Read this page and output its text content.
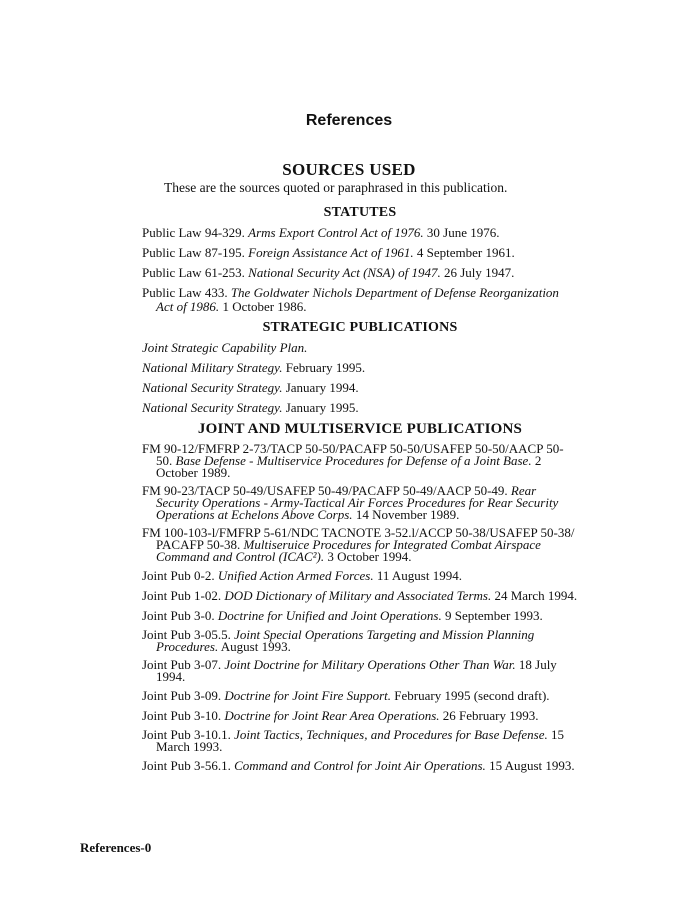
References
SOURCES USED
These are the sources quoted or paraphrased in this publication.
STATUTES

Public Law 94-329. Arms Export Control Act of 1976. 30 June 1976.

Public Law 87-195. Foreign Assistance Act of 1961. 4 September 1961.

Public Law 61-253. National Security Act (NSA) of 1947. 26 July 1947.

Public Law 433. The Goldwater Nichols Department of Defense Reorganization Act of 1986. 1 October 1986.

STRATEGIC PUBLICATIONS

Joint Strategic Capability Plan.

National Military Strategy. February 1995.

National Security Strategy. January 1994.

National Security Strategy. January 1995.

JOINT AND MULTISERVICE PUBLICATIONS

FM 90-12/FMFRP 2-73/TACP 50-50/PACAFP 50-50/USAFEP 50-50/AACP 50-50. Base Defense - Multiservice Procedures for Defense of a Joint Base. 2 October 1989.

FM 90-23/TACP 50-49/USAFEP 50-49/PACAFP 50-49/AACP 50-49. Rear Security Operations - Army-Tactical Air Forces Procedures for Rear Security Operations at Echelons Above Corps. 14 November 1989.

FM 100-103-l/FMFRP 5-61/NDC TACNOTE 3-52.l/ACCP 50-38/USAFEP 50-38/ PACAFP 50-38. Multiseruice Procedures for Integrated Combat Airspace Command and Control (ICAC²). 3 October 1994.

Joint Pub 0-2. Unified Action Armed Forces. 11 August 1994.

Joint Pub 1-02. DOD Dictionary of Military and Associated Terms. 24 March 1994.

Joint Pub 3-0. Doctrine for Unified and Joint Operations. 9 September 1993.

Joint Pub 3-05.5. Joint Special Operations Targeting and Mission Planning Procedures. August 1993.

Joint Pub 3-07. Joint Doctrine for Military Operations Other Than War. 18 July 1994.

Joint Pub 3-09. Doctrine for Joint Fire Support. February 1995 (second draft).

Joint Pub 3-10. Doctrine for Joint Rear Area Operations. 26 February 1993.

Joint Pub 3-10.1. Joint Tactics, Techniques, and Procedures for Base Defense. 15 March 1993.

Joint Pub 3-56.1. Command and Control for Joint Air Operations. 15 August 1993.

References-0
